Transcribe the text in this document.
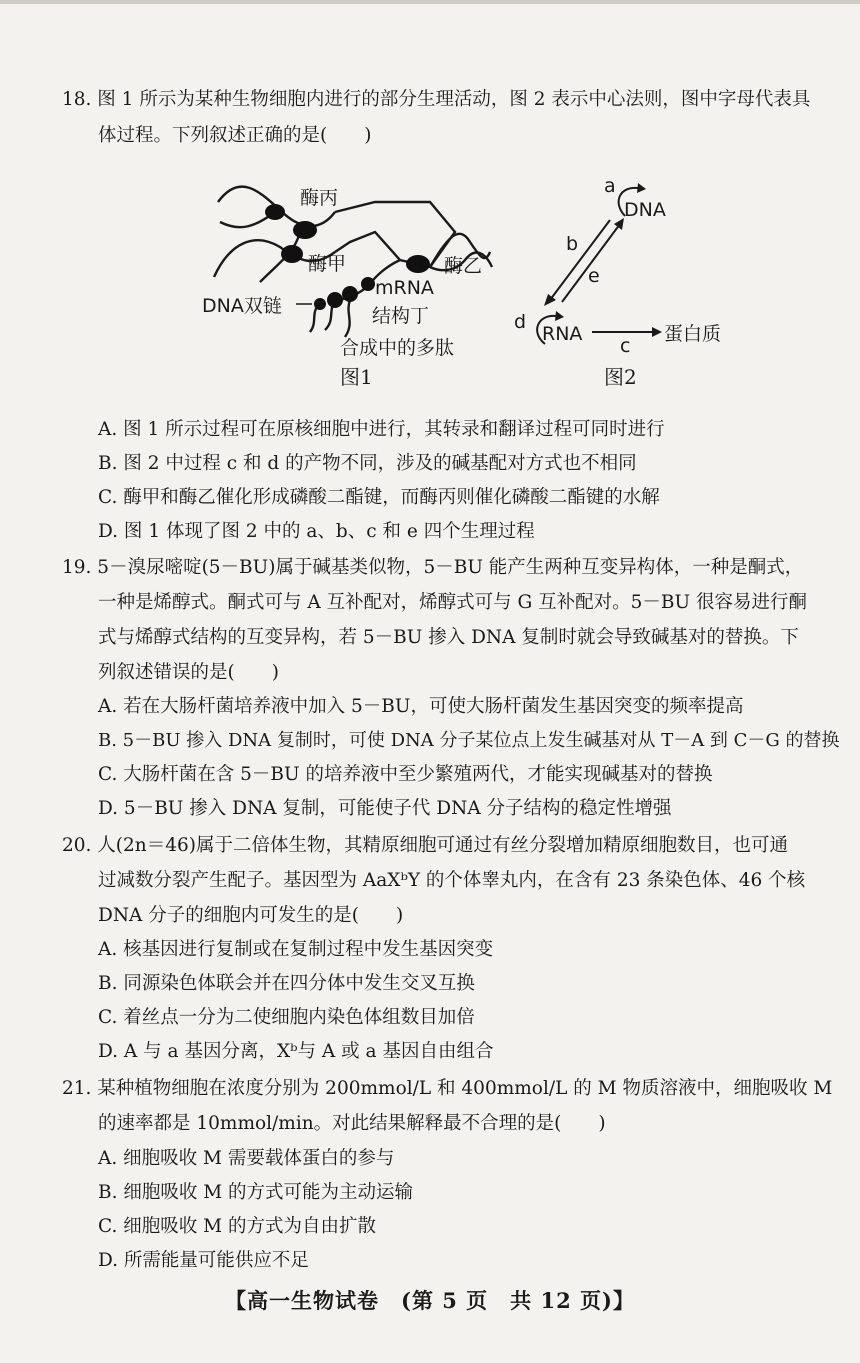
18. 图 1 所示为某种生物细胞内进行的部分生理活动，图 2 表示中心法则，图中字母代表具
体过程。下列叙述正确的是(　　)
酶丙
酶甲	酶乙
mRNA
DNA双链	结构丁
合成中的多肽
图1
a
DNA
b
e
d
RNA
c
蛋白质
图2
A. 图 1 所示过程可在原核细胞中进行，其转录和翻译过程可同时进行
B. 图 2 中过程 c 和 d 的产物不同，涉及的碱基配对方式也不相同
C. 酶甲和酶乙催化形成磷酸二酯键，而酶丙则催化磷酸二酯键的水解
D. 图 1 体现了图 2 中的 a、b、c 和 e 四个生理过程
19. 5－溴尿嘧啶(5－BU)属于碱基类似物，5－BU 能产生两种互变异构体，一种是酮式，
一种是烯醇式。酮式可与 A 互补配对，烯醇式可与 G 互补配对。5－BU 很容易进行酮
式与烯醇式结构的互变异构，若 5－BU 掺入 DNA 复制时就会导致碱基对的替换。下
列叙述错误的是(　　)
A. 若在大肠杆菌培养液中加入 5－BU，可使大肠杆菌发生基因突变的频率提高
B. 5－BU 掺入 DNA 复制时，可使 DNA 分子某位点上发生碱基对从 T－A 到 C－G 的替换
C. 大肠杆菌在含 5－BU 的培养液中至少繁殖两代，才能实现碱基对的替换
D. 5－BU 掺入 DNA 复制，可能使子代 DNA 分子结构的稳定性增强
20. 人(2n＝46)属于二倍体生物，其精原细胞可通过有丝分裂增加精原细胞数目，也可通
过减数分裂产生配子。基因型为 AaXᵇY 的个体睾丸内，在含有 23 条染色体、46 个核
DNA 分子的细胞内可发生的是(　　)
A. 核基因进行复制或在复制过程中发生基因突变
B. 同源染色体联会并在四分体中发生交叉互换
C. 着丝点一分为二使细胞内染色体组数目加倍
D. A 与 a 基因分离，Xᵇ与 A 或 a 基因自由组合
21. 某种植物细胞在浓度分别为 200mmol/L 和 400mmol/L 的 M 物质溶液中，细胞吸收 M
的速率都是 10mmol/min。对此结果解释最不合理的是(　　)
A. 细胞吸收 M 需要载体蛋白的参与
B. 细胞吸收 M 的方式可能为主动运输
C. 细胞吸收 M 的方式为自由扩散
D. 所需能量可能供应不足
【高一生物试卷　(第 5 页　共 12 页)】
